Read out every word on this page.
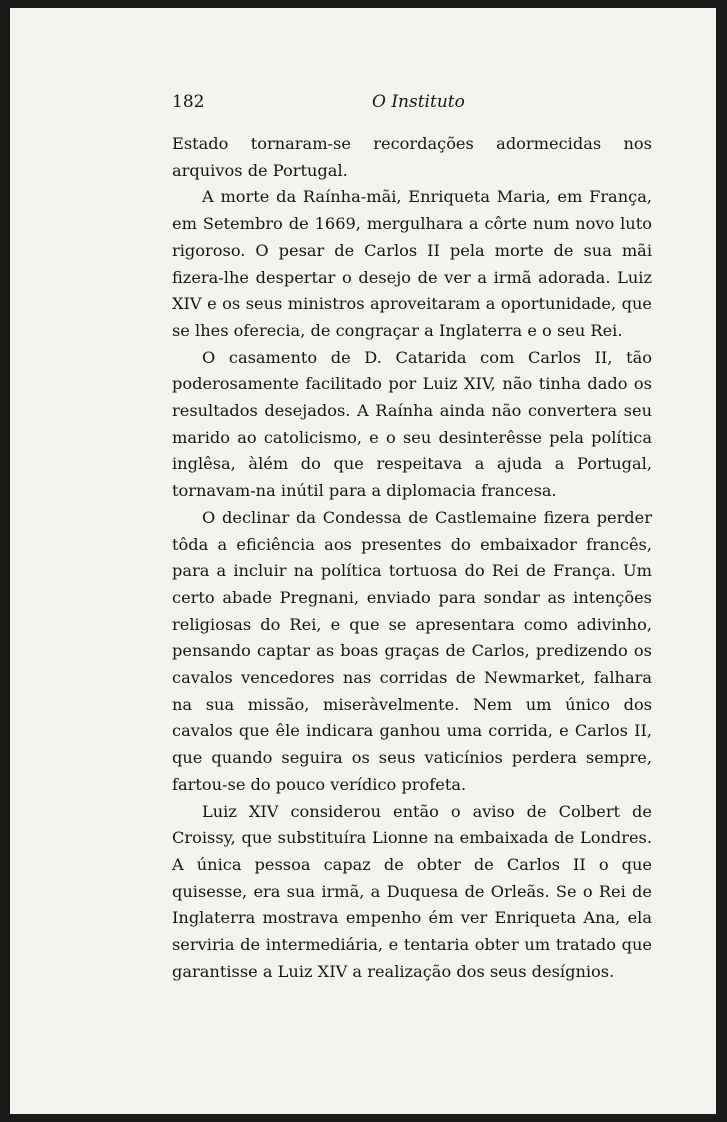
182	O Instituto

Estado tornaram-se recordações adormecidas nos arquivos de Portugal.

A morte da Raínha-mãi, Enriqueta Maria, em França, em Setembro de 1669, mergulhara a côrte num novo luto rigoroso. O pesar de Carlos II pela morte de sua mãi fizera-lhe despertar o desejo de ver a irmã adorada. Luiz XIV e os seus ministros aproveitaram a oportunidade, que se lhes oferecia, de congraçar a Inglaterra e o seu Rei.

O casamento de D. Catarida com Carlos II, tão poderosamente facilitado por Luiz XIV, não tinha dado os resultados desejados. A Raínha ainda não convertera seu marido ao catolicismo, e o seu desinterêsse pela política inglêsa, àlém do que respeitava a ajuda a Portugal, tornavam-na inútil para a diplomacia francesa.

O declinar da Condessa de Castlemaine fizera perder tôda a eficiência aos presentes do embaixador francês, para a incluir na política tortuosa do Rei de França. Um certo abade Pregnani, enviado para sondar as intenções religiosas do Rei, e que se apresentara como adivinho, pensando captar as boas graças de Carlos, predizendo os cavalos vencedores nas corridas de Newmarket, falhara na sua missão, miseràvelmente. Nem um único dos cavalos que êle indicara ganhou uma corrida, e Carlos II, que quando seguira os seus vaticínios perdera sempre, fartou-se do pouco verídico profeta.

Luiz XIV considerou então o aviso de Colbert de Croissy, que substituíra Lionne na embaixada de Londres. A única pessoa capaz de obter de Carlos II o que quisesse, era sua irmã, a Duquesa de Orleãs. Se o Rei de Inglaterra mostrava empenho ém ver Enriqueta Ana, ela serviria de intermediária, e tentaria obter um tratado que garantisse a Luiz XIV a realização dos seus desígnios.
